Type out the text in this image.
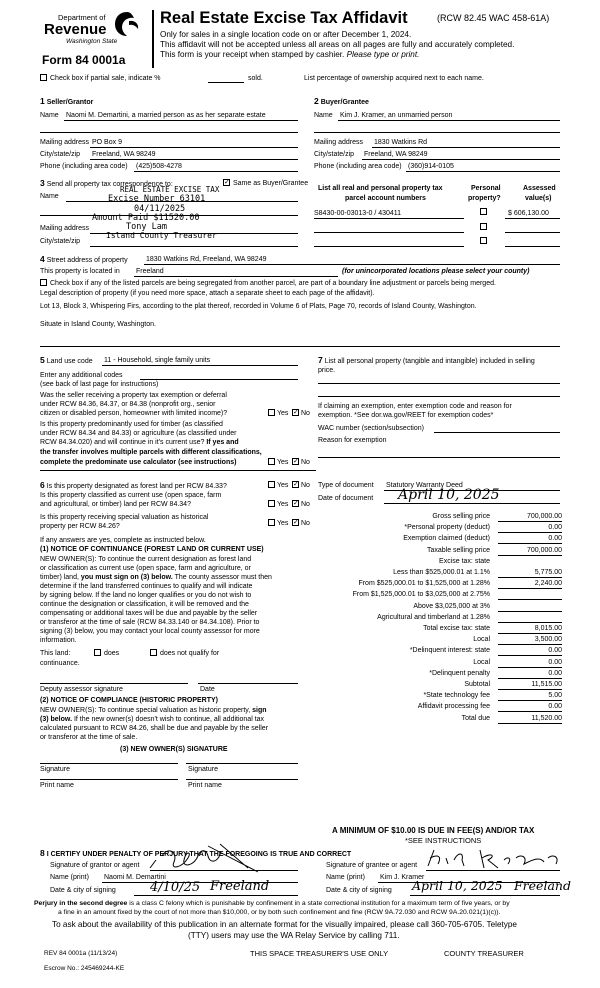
Department of
Revenue
Washington State
Form 84 0001a
Real Estate Excise Tax Affidavit	(RCW 82.45 WAC 458-61A)
Only for sales in a single location code on or after December 1, 2024.
This affidavit will not be accepted unless all areas on all pages are fully and accurately completed.
This form is your receipt when stamped by cashier. Please type or print.
Check box if partial sale, indicate %	sold.	List percentage of ownership acquired next to each name.
1 Seller/Grantor
Name Naomi M. Demartini, a married person as as her separate estate
Mailing address PO Box 9
City/state/zip Freeland, WA 98249
Phone (including area code) (425)508-4278
2 Buyer/Grantee
Name Kim J. Kramer, an unmarried person
Mailing address 1830 Watkins Rd
City/state/zip Freeland, WA 98249
Phone (including area code) (360)914-0105
3 Send all property tax correspondence to: ✓	Same as Buyer/Grantee
Name
REAL ESTATE EXCISE TAX
Excise Number 63101
04/11/2025
Amount Paid $11520.00
Tony Lam
Island County Treasurer
Mailing address
City/state/zip
List all real and personal property tax
parcel account numbers
Personal
property?
Assessed
value(s)
S8430-00-03013-0 / 430411	$ 606,130.00
4 Street address of property	1830 Watkins Rd, Freeland, WA 98249
This property is located in Freeland	(for unincorporated locations please select your county)
Check box if any of the listed parcels are being segregated from another parcel, are part of a boundary line adjustment or parcels being merged.
Legal description of property (if you need more space, attach a separate sheet to each page of the affidavit).
Lot 13, Block 3, Whispering Firs, according to the plat thereof, recorded in Volume 6 of Plats, Page 70, records of Island County, Washington.
Situate in Island County, Washington.
5 Land use code 11 - Household, single family units
Enter any additional codes
(see back of last page for instructions)
Was the seller receiving a property tax exemption or deferral
under RCW 84.36, 84.37, or 84.38 (nonprofit org., senior
citizen or disabled person, homeowner with limited income)?	Yes ✓ No
Is this property predominantly used for timber (as classified
under RCW 84.34 and 84.33) or agriculture (as classified under
RCW 84.34.020) and will continue in it's current use? If yes and
the transfer involves multiple parcels with different classifications,
complete the predominate use calculator (see instructions)	Yes ✓ No
6 Is this property designated as forest land per RCW 84.33?	Yes ✓ No
Is this property classified as current use (open space, farm
and agricultural, or timber) land per RCW 84.34?	Yes ✓ No
Is this property receiving special valuation as historical
property per RCW 84.26?	Yes ✓ No
If any answers are yes, complete as instructed below.
(1) NOTICE OF CONTINUANCE (FOREST LAND OR CURRENT USE)
NEW OWNER(S): To continue the current designation as forest land
or classification as current use (open space, farm and agriculture, or
timber) land, you must sign on (3) below. The county assessor must then
determine if the land transferred continues to qualify and will indicate
by signing below. If the land no longer qualifies or you do not wish to
continue the designation or classification, it will be removed and the
compensating or additional taxes will be due and payable by the seller
or transferor at the time of sale (RCW 84.33.140 or 84.34.108). Prior to
signing (3) below, you may contact your local county assessor for more
information.
This land:	does	does not qualify for
continuance.
Deputy assessor signature	Date
(2) NOTICE OF COMPLIANCE (HISTORIC PROPERTY)
NEW OWNER(S): To continue special valuation as historic property, sign
(3) below. If the new owner(s) doesn't wish to continue, all additional tax
calculated pursuant to RCW 84.26, shall be due and payable by the seller
or transferor at the time of sale.
(3) NEW OWNER(S) SIGNATURE
Signature	Signature
Print name	Print name
7 List all personal property (tangible and intangible) included in selling
price.
If claiming an exemption, enter exemption code and reason for
exemption. *See dor.wa.gov/REET for exemption codes*
WAC number (section/subsection)
Reason for exemption
Type of document Statutory Warranty Deed
Date of document April 10, 2025
Gross selling price	700,000.00
*Personal property (deduct)	0.00
Exemption claimed (deduct)	0.00
Taxable selling price	700,000.00
Excise tax: state
Less than $525,000.01 at 1.1%	5,775.00
From $525,000.01 to $1,525,000 at 1.28%	2,240.00
From $1,525,000.01 to $3,025,000 at 2.75%
Above $3,025,000 at 3%
Agricultural and timberland at 1.28%
Total excise tax: state	8,015.00
Local	3,500.00
*Delinquent interest: state	0.00
Local	0.00
*Delinquent penalty	0.00
Subtotal	11,515.00
*State technology fee	5.00
Affidavit processing fee	0.00
Total due	11,520.00
A MINIMUM OF $10.00 IS DUE IN FEE(S) AND/OR TAX
*SEE INSTRUCTIONS
8 I CERTIFY UNDER PENALTY OF PERJURY THAT THE FOREGOING IS TRUE AND CORRECT
Signature of grantor or agent
Name (print) Naomi M. Demartini
Date & city of signing	4/10/25 Freeland
Signature of grantee or agent
Name (print) Kim J. Kramer
Date & city of signing April 10, 2025 Freeland
Perjury in the second degree is a class C felony which is punishable by confinement in a state correctional institution for a maximum term of five years, or by
a fine in an amount fixed by the court of not more than $10,000, or by both such confinement and fine (RCW 9A.72.030 and RCW 9A.20.021(1)(c)).
To ask about the availability of this publication in an alternate format for the visually impaired, please call 360-705-6705. Teletype
(TTY) users may use the WA Relay Service by calling 711.
REV 84 0001a (11/13/24)	THIS SPACE TREASURER'S USE ONLY	COUNTY TREASURER
Escrow No.: 245469244-KE
